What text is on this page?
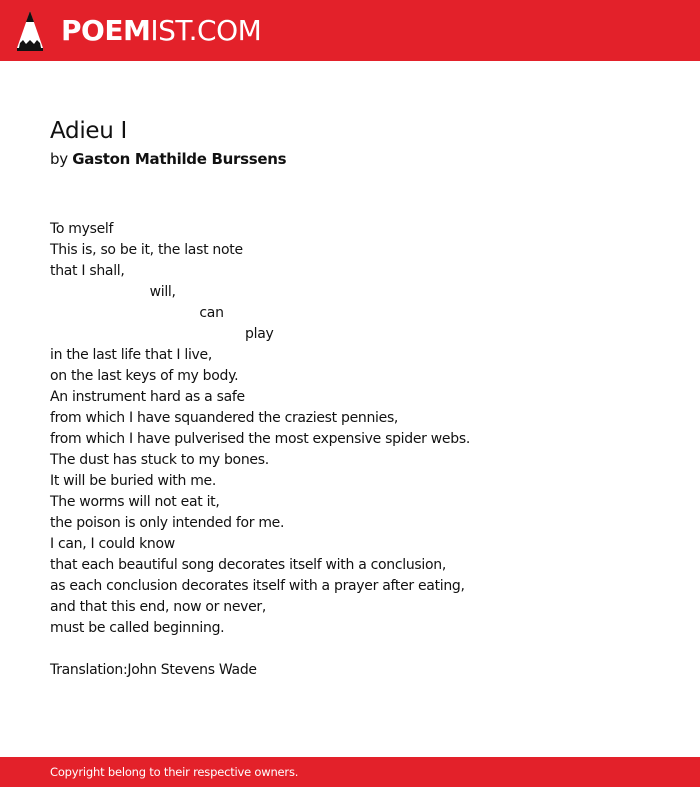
POEMIST.COM
Adieu I
by Gaston Mathilde Burssens
To myself
This is, so be it, the last note
that I shall,
will,
can
play
in the last life that I live,
on the last keys of my body.
An instrument hard as a safe
from which I have squandered the craziest pennies,
from which I have pulverised the most expensive spider webs.
The dust has stuck to my bones.
It will be buried with me.
The worms will not eat it,
the poison is only intended for me.
I can, I could know
that each beautiful song decorates itself with a conclusion,
as each conclusion decorates itself with a prayer after eating,
and that this end, now or never,
must be called beginning.
Translation:John Stevens Wade
Copyright belong to their respective owners.
